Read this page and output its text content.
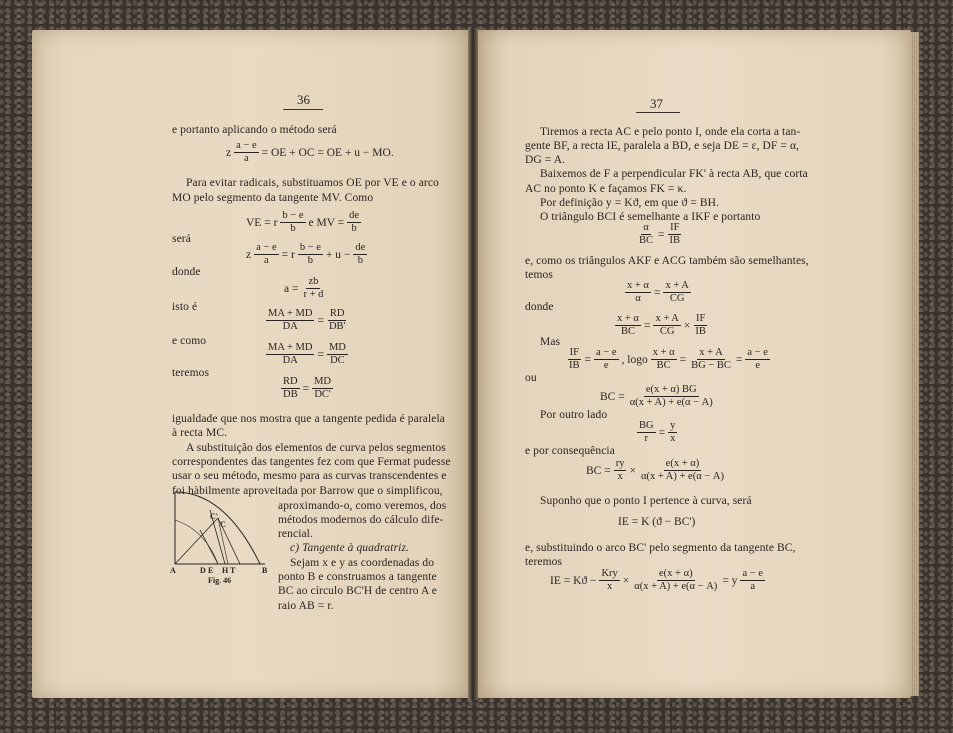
36
e portanto aplicando o método será
z $\frac{a - e}{a}$ = OE + OC = OE + u − MO.
Para evitar radicais, substituamos OE por VE e o arco
MO pelo segmento da tangente MV. Como
VE = r $\frac{b - e}{b}$ e MV = $\frac{de}{b}$
será
z $\frac{a - e}{a} = r \frac{b - e}{b} + u - \frac{de}{b}$
donde
$a = \frac{zb}{r + d}$
isto é
$\frac{MA + MD}{DA} = \frac{RD}{DB'}$
e como
$\frac{MA + MD}{DA} = \frac{MD}{DC}$
teremos
$\frac{RD}{DB} = \frac{MD}{DC'}$
igualdade que nos mostra que a tangente pedida é paralela
à recta MC.
A substituição dos elementos de curva pelos segmentos
correspondentes das tangentes fez com que Fermat pudesse
usar o seu método, mesmo para as curvas transcendentes e
foi hàbilmente aproveitada por Barrow que o simplificou,
aproximando-o, como veremos, dos
métodos modernos do cálculo dife-
rencial.
c) Tangente à quadratriz.
Sejam x e y as coordenadas do
ponto B e construamos a tangente
BC ao círculo BC'H de centro A e
raio AB = r.
A	D E H T	B
C'
C
Fig. 46
37
Tiremos a recta AC e pelo ponto I, onde ela corta a tan-
gente BF, a recta IE, paralela a BD, e seja DE = ε, DF = α,
DG = A.
Baixemos de F a perpendicular FK' à recta AB, que corta
AC no ponto K e façamos FK = κ.
Por definição y = Kϑ, em que ϑ = BH.
O triângulo BCI é semelhante a IKF e portanto
$\frac{\alpha}{BC} = \frac{IF}{IB}$
e, como os triângulos AKF e ACG também são semelhantes,
temos
$\frac{x + \alpha}{\alpha} = \frac{x + A}{CG}$
donde
$\frac{x + \alpha}{BC} = \frac{x + A}{CG} \times \frac{IF}{IB}$
Mas
$\frac{IF}{IB} = \frac{a - e}{e}$ , logo $\frac{x + \alpha}{BC} = \frac{x + A}{BG - BC} = \frac{a - e}{e}$
ou
BC = $\frac{e(x + \alpha) BG}{\alpha(x + A) + e(\alpha - A)}$
Por outro lado
$\frac{BG}{r} = \frac{y}{x}$
e por consequência
BC = $\frac{ry}{x} \times \frac{e(x + \alpha)}{\alpha(x + A) + e(\alpha - A)}$
Suponho que o ponto I pertence à curva, será
IE = K (ϑ − BC')
e, substituindo o arco BC' pelo segmento da tangente BC,
teremos
IE = $Kϑ - \frac{\text{Kry}}{x} \times \frac{e(x + \alpha)}{\alpha(x + A) + e(\alpha - A)} = y \frac{a - e}{a}$
